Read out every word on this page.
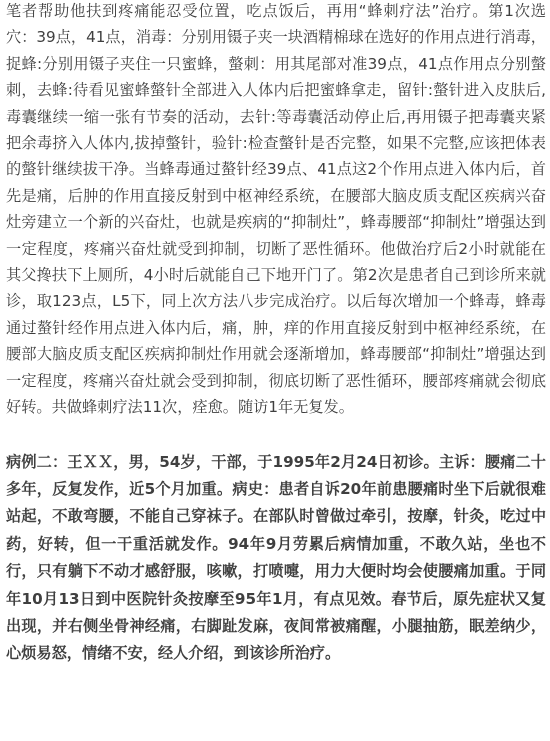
笔者帮助他扶到疼痛能忍受位置，吃点饭后，再用“蜂刺疗法”治疗。第1次选穴：39点，41点，消毒：分别用镊子夹一块酒精棉球在选好的作用点进行消毒，捉蜂:分别用镊子夹住一只蜜蜂，螫刺：用其尾部对准39点，41点作用点分别螫刺，去蜂:待看见蜜蜂螫针全部进入人体内后把蜜蜂拿走，留针:螫针进入皮肤后,毒囊继续一缩一张有节奏的活动，去针:等毒囊活动停止后,再用镊子把毒囊夹紧把余毒挤入人体内,拔掉螫针，验针:检查螫针是否完整，如果不完整,应该把体表的螫针继续拔干净。当蜂毒通过螯针经39点、41点这2个作用点进入体内后，首先是痛，后肿的作用直接反射到中枢神经系统，在腰部大脑皮质支配区疾病兴奋灶旁建立一个新的兴奋灶，也就是疾病的“抑制灶”，蜂毒腰部“抑制灶”增强达到一定程度，疼痛兴奋灶就受到抑制，切断了恶性循环。他做治疗后2小时就能在其父搀扶下上厕所，4小时后就能自己下地开门了。第2次是患者自己到诊所来就诊，取123点，L5下，同上次方法八步完成治疗。以后每次增加一个蜂毒，蜂毒通过螯针经作用点进入体内后，痛，肿，痒的作用直接反射到中枢神经系统，在腰部大脑皮质支配区疾病抑制灶作用就会逐渐增加，蜂毒腰部“抑制灶”增强达到一定程度，疼痛兴奋灶就会受到抑制，彻底切断了恶性循环，腰部疼痛就会彻底好转。共做蜂刺疗法11次，痊愈。随访1年无复发。

病例二：王ＸＸ，男，54岁，干部，于1995年2月24日初诊。主诉：腰痛二十多年，反复发作，近5个月加重。病史：患者自诉20年前患腰痛时坐下后就很难站起，不敢弯腰，不能自己穿袜子。在部队时曾做过牵引，按摩，针灸，吃过中药，好转，但一干重活就发作。94年9月劳累后病情加重，不敢久站，坐也不行，只有躺下不动才感舒服，咳嗽，打喷嚏，用力大便时均会使腰痛加重。于同年10月13日到中医院针灸按摩至95年1月，有点见效。春节后，原先症状又复出现，并右侧坐骨神经痛，右脚趾发麻，夜间常被痛醒，小腿抽筋，眠差纳少，心烦易怒，情绪不安，经人介绍，到该诊所治疗。
